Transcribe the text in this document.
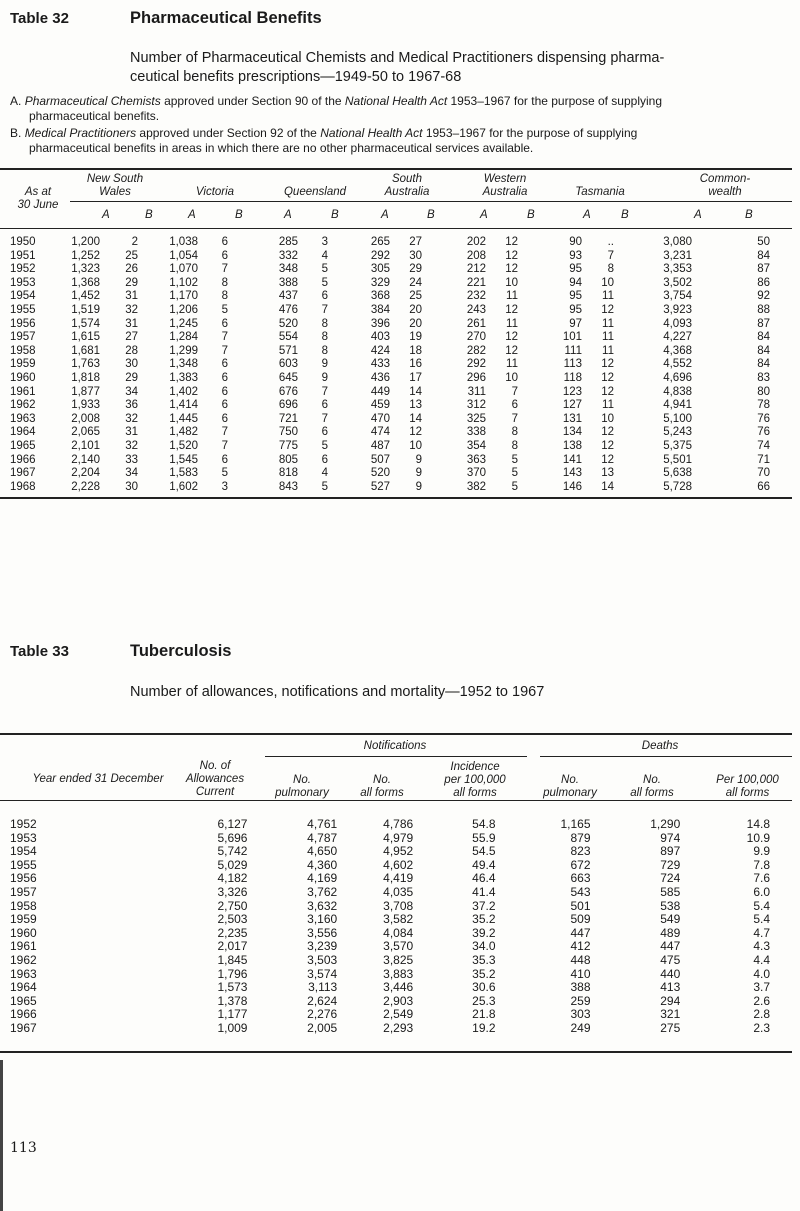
Table 32	Pharmaceutical Benefits
Number of Pharmaceutical Chemists and Medical Practitioners dispensing pharma-
ceutical benefits prescriptions—1949-50 to 1967-68
A. Pharmaceutical Chemists approved under Section 90 of the National Health Act 1953–1967 for the purpose of supplying
pharmaceutical benefits.
B. Medical Practitioners approved under Section 92 of the National Health Act 1953–1967 for the purpose of supplying
pharmaceutical benefits in areas in which there are no other pharmaceutical services available.
As at
30 June
New South
Wales	Victoria	Queensland
South
Australia
Western
Australia	Tasmania
Common-
wealth
A	B	A	A	B	A	B	A	B	A	B	A	B
B
1950	1,200	2	1,038	6	285	3	265	27	202	12	90	..	3,080	50
1951	1,252	25	1,054	6	332	4	292	30	208	12	93	7	3,231	84
1952	1,323	26	1,070	7	348	5	305	29	212	12	95	8	3,353	87
1953	1,368	29	1,102	8	388	5	329	24	221	10	94	10	3,502	86
1954	1,452	31	1,170	8	437	6	368	25	232	11	95	11	3,754	92
1955	1,519	32	1,206	5	476	7	384	20	243	12	95	12	3,923	88
1956	1,574	31	1,245	6	520	8	396	20	261	11	97	11	4,093	87
1957	1,615	27	1,284	7	554	8	403	19	270	12	101	11	4,227	84
1958	1,681	28	1,299	7	571	8	424	18	282	12	111	11	4,368	84
1959	1,763	30	1,348	6	603	9	433	16	292	11	113	12	4,552	84
1960	1,818	29	1,383	6	645	9	436	17	296	10	118	12	4,696	83
1961	1,877	34	1,402	6	676	7	449	14	311	7	123	12	4,838	80
1962	1,933	36	1,414	6	696	6	459	13	312	6	127	11	4,941	78
1963	2,008	32	1,445	6	721	7	470	14	325	7	131	10	5,100	76
1964	2,065	31	1,482	7	750	6	474	12	338	8	134	12	5,243	76
1965	2,101	32	1,520	7	775	5	487	10	354	8	138	12	5,375	74
1966	2,140	33	1,545	6	805	6	507	9	363	5	141	12	5,501	71
1967	2,204	34	1,583	5	818	4	520	9	370	5	143	13	5,638	70
1968	2,228	30	1,602	3	843	5	527	9	382	5	146	14	5,728	66
Table 33	Tuberculosis
Number of allowances, notifications and mortality—1952 to 1967
Year ended 31 December
No. of
Allowances
Current
Notifications	Deaths
No.
pulmonary
No.
all forms
Incidence
per 100,000
all forms
No.
pulmonary
No.
all forms
Per 100,000
all forms
1952	6,127	4,761	4,786	54.8	1,165	1,290	14.8
1953	5,696	4,787	4,979	55.9	879	974	10.9
1954	5,742	4,650	4,952	54.5	823	897	9.9
1955	5,029	4,360	4,602	49.4	672	729	7.8
1956	4,182	4,169	4,419	46.4	663	724	7.6
1957	3,326	3,762	4,035	41.4	543	585	6.0
1958	2,750	3,632	3,708	37.2	501	538	5.4
1959	2,503	3,160	3,582	35.2	509	549	5.4
1960	2,235	3,556	4,084	39.2	447	489	4.7
1961	2,017	3,239	3,570	34.0	412	447	4.3
1962	1,845	3,503	3,825	35.3	448	475	4.4
1963	1,796	3,574	3,883	35.2	410	440	4.0
1964	1,573	3,113	3,446	30.6	388	413	3.7
1965	1,378	2,624	2,903	25.3	259	294	2.6
1966	1,177	2,276	2,549	21.8	303	321	2.8
1967	1,009	2,005	2,293	19.2	249	275	2.3
113
